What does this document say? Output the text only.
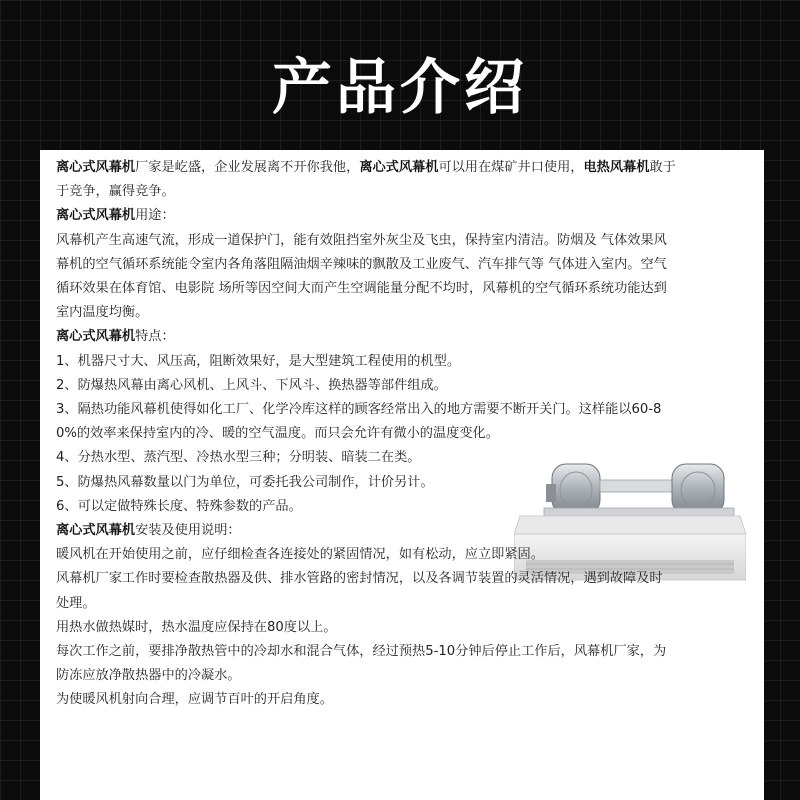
产品介绍

离心式风幕机厂家是屹盛，企业发展离不开你我他，离心式风幕机可以用在煤矿井口使用，电热风幕机敢于

于竞争，赢得竞争。

离心式风幕机用途：

风幕机产生高速气流，形成一道保护门，能有效阻挡室外灰尘及飞虫，保持室内清洁。防烟及 气体效果风

幕机的空气循环系统能令室内各角落阻隔油烟辛辣味的飘散及工业废气、汽车排气等 气体进入室内。空气

循环效果在体育馆、电影院 场所等因空间大而产生空调能量分配不均时，风幕机的空气循环系统功能达到

室内温度均衡。

离心式风幕机特点：

1、机器尺寸大、风压高，阻断效果好，是大型建筑工程使用的机型。

2、防爆热风幕由离心风机、上风斗、下风斗、换热器等部件组成。

3、隔热功能风幕机使得如化工厂、化学冷库这样的顾客经常出入的地方需要不断开关门。这样能以60-8

0%的效率来保持室内的冷、暖的空气温度。而只会允许有微小的温度变化。

4、分热水型、蒸汽型、冷热水型三种；分明装、暗装二在类。

5、防爆热风幕数量以门为单位，可委托我公司制作，计价另计。

6、可以定做特殊长度、特殊参数的产品。

离心式风幕机安装及使用说明：

暖风机在开始使用之前，应仔细检查各连接处的紧固情况，如有松动，应立即紧固。

风幕机厂家工作时要检查散热器及供、排水管路的密封情况，以及各调节装置的灵活情况，遇到故障及时

处理。

用热水做热媒时，热水温度应保持在80度以上。

每次工作之前，要排净散热管中的冷却水和混合气体，经过预热5-10分钟后停止工作后，风幕机厂家，为

防冻应放净散热器中的冷凝水。

为使暖风机射向合理，应调节百叶的开启角度。
